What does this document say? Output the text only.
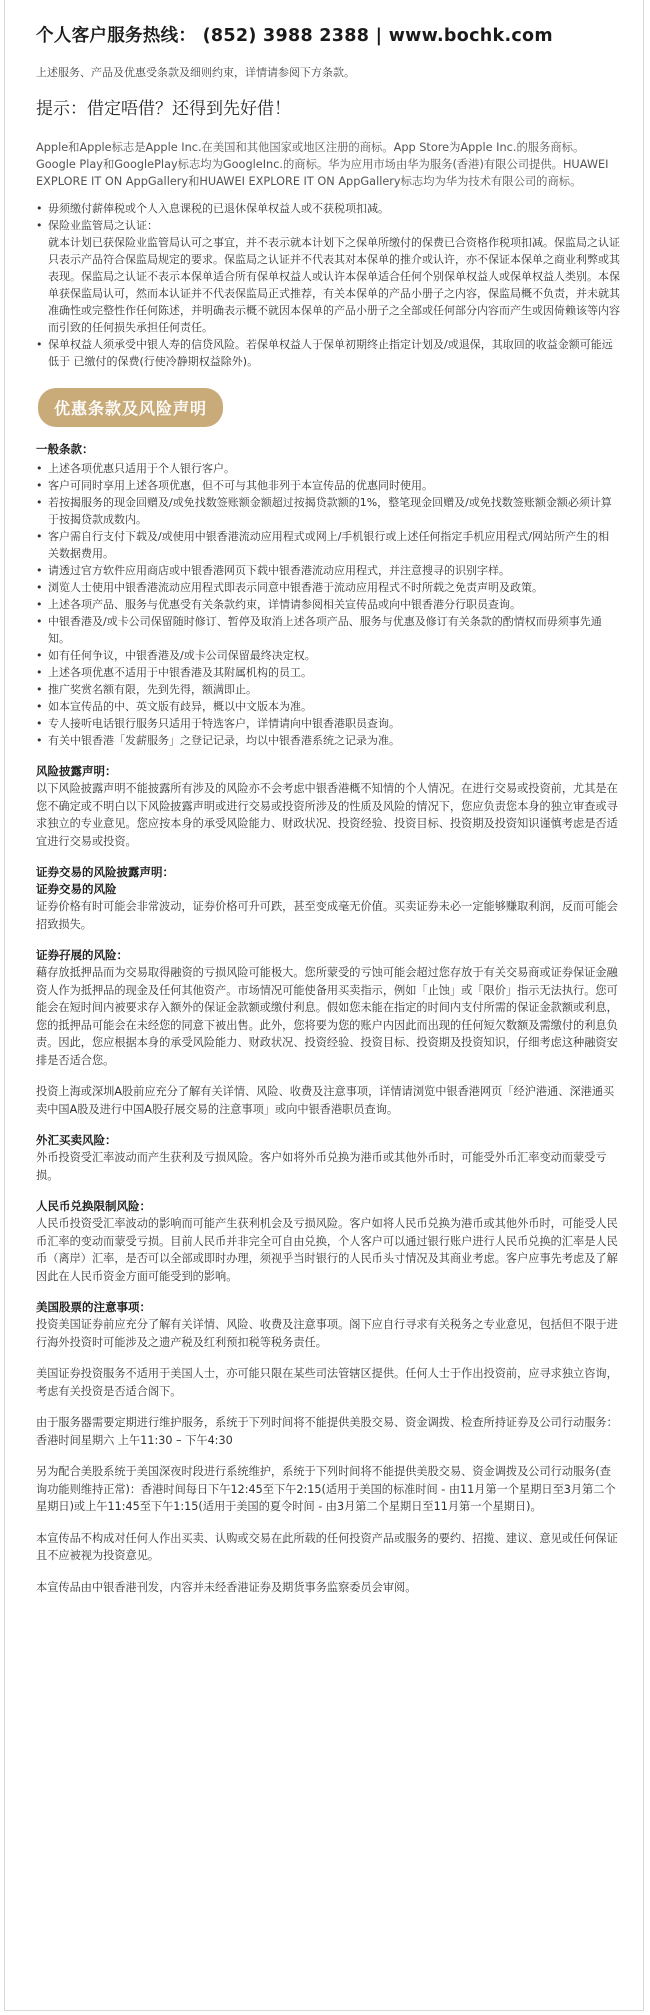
个人客户服务热线： (852) 3988 2388 | www.bochk.com

上述服务、产品及优惠受条款及细则约束，详情请参阅下方条款。

提示：借定唔借？还得到先好借！

Apple和Apple标志是Apple Inc.在美国和其他国家或地区注册的商标。App Store为Apple Inc.的服务商标。Google Play和GooglePlay标志均为GoogleInc.的商标。华为应用市场由华为服务(香港)有限公司提供。HUAWEI EXPLORE IT ON AppGallery和HUAWEI EXPLORE IT ON AppGallery标志均为华为技术有限公司的商标。

• 毋须缴付薪俸税或个人入息课税的已退休保单权益人或不获税项扣减。
• 保险业监管局之认证：
就本计划已获保险业监管局认可之事宜，并不表示就本计划下之保单所缴付的保费已合资格作税项扣减。保监局之认证只表示产品符合保监局规定的要求。保监局之认证并不代表其对本保单的推介或认许，亦不保证本保单之商业利弊或其表现。保监局之认证不表示本保单适合所有保单权益人或认许本保单适合任何个别保单权益人或保单权益人类别。本保单获保监局认可，然而本认证并不代表保监局正式推荐，有关本保单的产品小册子之内容，保监局概不负责，并未就其准确性或完整性作任何陈述，并明确表示概不就因本保单的产品小册子之全部或任何部分内容而产生或因倚赖该等内容而引致的任何损失承担任何责任。
• 保单权益人须承受中银人寿的信贷风险。若保单权益人于保单初期终止指定计划及/或退保，其取回的收益金额可能远低于 已缴付的保费(行使冷静期权益除外)。
优惠条款及风险声明
一般条款：
• 上述各项优惠只适用于个人银行客户。
• 客户可同时享用上述各项优惠，但不可与其他非列于本宣传品的优惠同时使用。
• 若按揭服务的现金回赠及/或免找数签账额金额超过按揭贷款额的1%，整笔现金回赠及/或免找数签账额金额必须计算于按揭贷款成数内。
• 客户需自行支付下载及/或使用中银香港流动应用程式或网上/手机银行或上述任何指定手机应用程式/网站所产生的相关数据费用。
• 请透过官方软件应用商店或中银香港网页下载中银香港流动应用程式，并注意搜寻的识别字样。
• 浏览人士使用中银香港流动应用程式即表示同意中银香港于流动应用程式不时所载之免责声明及政策。
• 上述各项产品、服务与优惠受有关条款约束，详情请参阅相关宣传品或向中银香港分行职员查询。
• 中银香港及/或卡公司保留随时修订、暂停及取消上述各项产品、服务与优惠及修订有关条款的酌情权而毋须事先通知。
• 如有任何争议，中银香港及/或卡公司保留最终决定权。
• 上述各项优惠不适用于中银香港及其附属机构的员工。
• 推广奖赏名额有限，先到先得，额满即止。
• 如本宣传品的中、英文版有歧异，概以中文版本为准。
• 专人接听电话银行服务只适用于特选客户，详情请向中银香港职员查询。
• 有关中银香港「发薪服务」之登记记录，均以中银香港系统之记录为准。
风险披露声明：

以下风险披露声明不能披露所有涉及的风险亦不会考虑中银香港概不知情的个人情况。在进行交易或投资前，尤其是在您不确定或不明白以下风险披露声明或进行交易或投资所涉及的性质及风险的情况下，您应负责您本身的独立审查或寻求独立的专业意见。您应按本身的承受风险能力、财政状况、投资经验、投资目标、投资期及投资知识谨慎考虑是否适宜进行交易或投资。

证券交易的风险披露声明：
证券交易的风险

证券价格有时可能会非常波动，证券价格可升可跌，甚至变成毫无价值。买卖证券未必一定能够赚取利润，反而可能会招致损失。

证券孖展的风险：

藉存放抵押品而为交易取得融资的亏损风险可能极大。您所蒙受的亏蚀可能会超过您存放于有关交易商或证券保证金融资人作为抵押品的现金及任何其他资产。市场情况可能使备用买卖指示，例如「止蚀」或「限价」指示无法执行。您可能会在短时间内被要求存入额外的保证金款额或缴付利息。假如您未能在指定的时间内支付所需的保证金款额或利息，您的抵押品可能会在未经您的同意下被出售。此外，您将要为您的账户内因此而出现的任何短欠数额及需缴付的利息负责。因此，您应根据本身的承受风险能力、财政状况、投资经验、投资目标、投资期及投资知识，仔细考虑这种融资安排是否适合您。

投资上海或深圳A股前应充分了解有关详情、风险、收费及注意事项，详情请浏览中银香港网页「经沪港通、深港通买卖中国A股及进行中国A股孖展交易的注意事项」或向中银香港职员查询。

外汇买卖风险：

外币投资受汇率波动而产生获利及亏损风险。客户如将外币兑换为港币或其他外币时，可能受外币汇率变动而蒙受亏损。

人民币兑换限制风险：

人民币投资受汇率波动的影响而可能产生获利机会及亏损风险。客户如将人民币兑换为港币或其他外币时，可能受人民币汇率的变动而蒙受亏损。目前人民币并非完全可自由兑换，个人客户可以通过银行账户进行人民币兑换的汇率是人民币（离岸）汇率，是否可以全部或即时办理，须视乎当时银行的人民币头寸情况及其商业考虑。客户应事先考虑及了解因此在人民币资金方面可能受到的影响。

美国股票的注意事项：

投资美国证券前应充分了解有关详情、风险、收费及注意事项。阁下应自行寻求有关税务之专业意见，包括但不限于进行海外投资时可能涉及之遗产税及红利预扣税等税务责任。

美国证券投资服务不适用于美国人士，亦可能只限在某些司法管辖区提供。任何人士于作出投资前，应寻求独立咨询，考虑有关投资是否适合阁下。

由于服务器需要定期进行维护服务，系统于下列时间将不能提供美股交易、资金调拨、检查所持证券及公司行动服务：香港时间星期六 上午11:30 – 下午4:30

另为配合美股系统于美国深夜时段进行系统维护，系统于下列时间将不能提供美股交易、资金调拨及公司行动服务(查询功能则维持正常)：香港时间每日下午12:45至下午2:15(适用于美国的标准时间 - 由11月第一个星期日至3月第二个星期日)或上午11:45至下午1:15(适用于美国的夏令时间 - 由3月第二个星期日至11月第一个星期日)。

本宣传品不构成对任何人作出买卖、认购或交易在此所载的任何投资产品或服务的要约、招揽、建议、意见或任何保证且不应被视为投资意见。

本宣传品由中银香港刊发，内容并未经香港证券及期货事务监察委员会审阅。
